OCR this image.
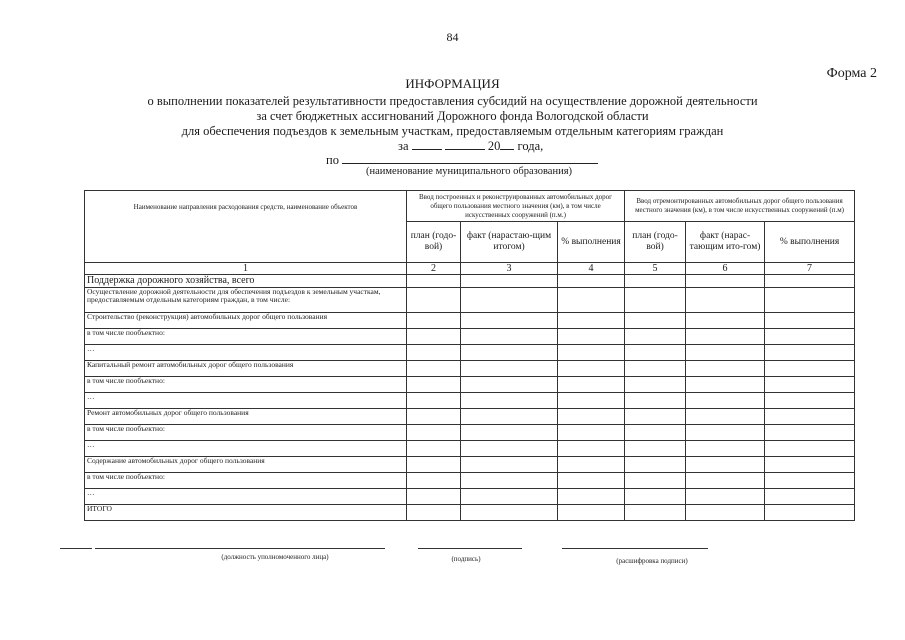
84
Форма 2
ИНФОРМАЦИЯ
о выполнении показателей результативности предоставления субсидий на осуществление дорожной деятельности
за счет бюджетных ассигнований Дорожного фонда Вологодской области
для обеспечения подъездов к земельным участкам, предоставляемым отдельным категориям граждан
за	20 года,
по
(наименование муниципального образования)
Наименование направления расходования средств, наименование объектов	Ввод построенных и реконструированных автомобильных дорог общего пользования местного значения (км), в том числе искусственных сооружений (п.м.)			Ввод отремонтированных автомобильных дорог общего пользования местного значения (км), в том числе искусственных сооружений (п.м)		
	план (годо-вой)	факт (нарастаю-щим итогом)	% выполнения	план (годо-вой)	факт (нарас-тающим ито-гом)	% выполнения
1	2	3	4	5	6	7
Поддержка дорожного хозяйства, всего						
Осуществление дорожной деятельности для обеспечения подъездов к земельным участкам, предоставляемым отдельным категориям граждан, в том числе:						
Строительство (реконструкция) автомобильных дорог общего пользования						
в том числе пообъектно:						
…						
Капитальный ремонт автомобильных дорог общего пользования						
в том числе пообъектно:						
…						
Ремонт автомобильных дорог общего пользования						
в том числе пообъектно:						
…						
Содержание автомобильных дорог общего пользования						
в том числе пообъектно:						
…						
ИТОГО						
(должность уполномоченного лица)	(подпись)	(расшифровка подписи)
